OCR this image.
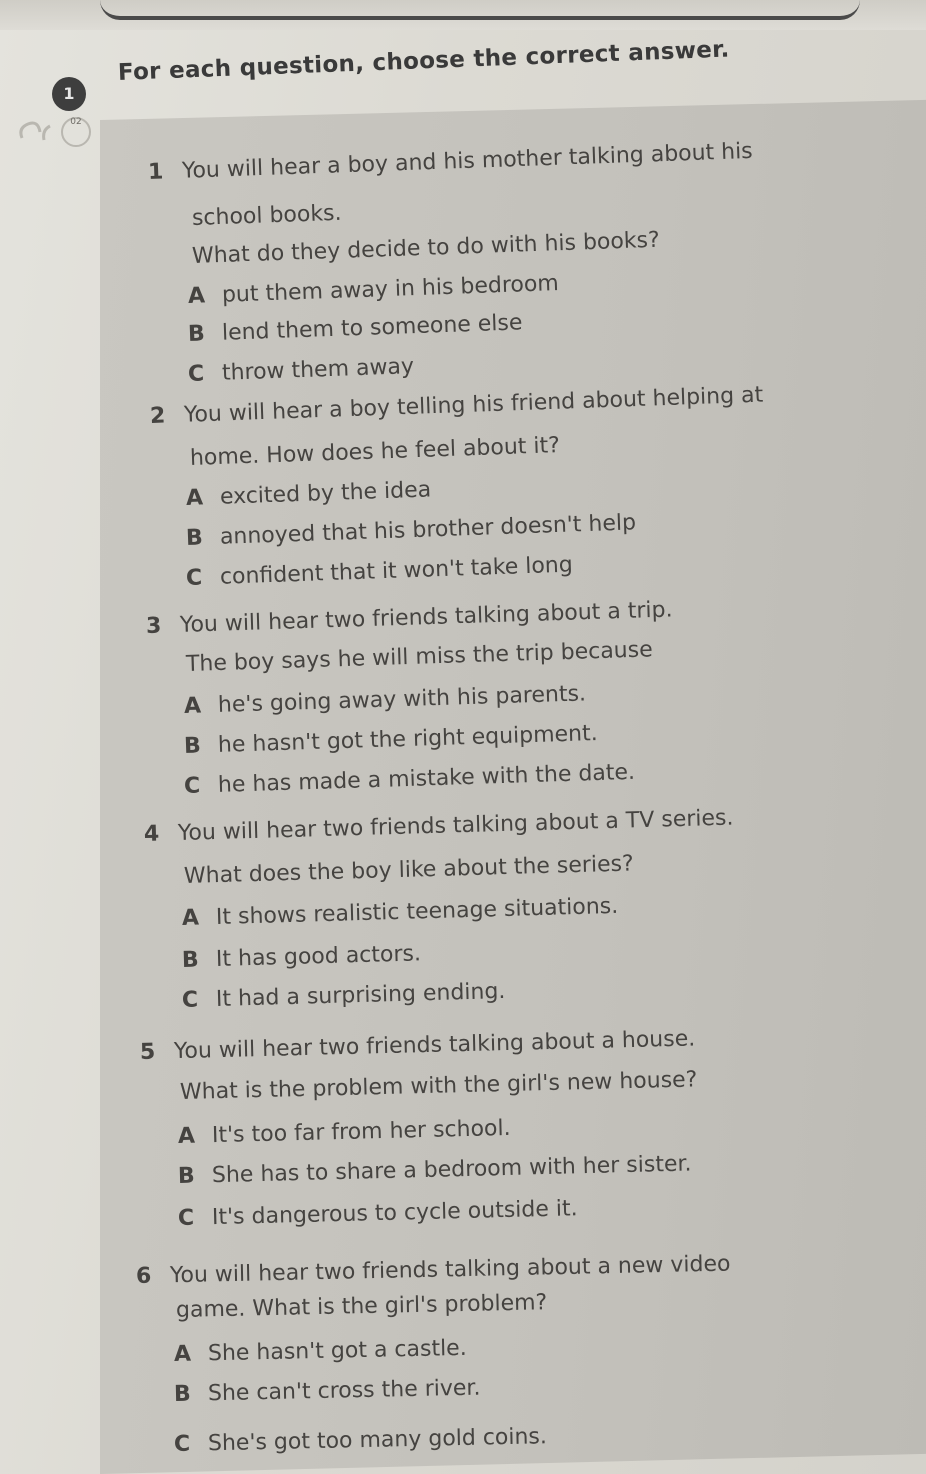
1
02
For each question, choose the correct answer.
1 You will hear a boy and his mother talking about his
school books.
What do they decide to do with his books?
A put them away in his bedroom
B lend them to someone else
C throw them away
2 You will hear a boy telling his friend about helping at
home. How does he feel about it?
A excited by the idea
B annoyed that his brother doesn't help
C confident that it won't take long
3 You will hear two friends talking about a trip.
The boy says he will miss the trip because
A he's going away with his parents.
B he hasn't got the right equipment.
C he has made a mistake with the date.
4 You will hear two friends talking about a TV series.
What does the boy like about the series?
A It shows realistic teenage situations.
B It has good actors.
C It had a surprising ending.
5 You will hear two friends talking about a house.
What is the problem with the girl's new house?
A It's too far from her school.
B She has to share a bedroom with her sister.
C It's dangerous to cycle outside it.
6 You will hear two friends talking about a new video
game. What is the girl's problem?
A She hasn't got a castle.
B She can't cross the river.
C She's got too many gold coins.
